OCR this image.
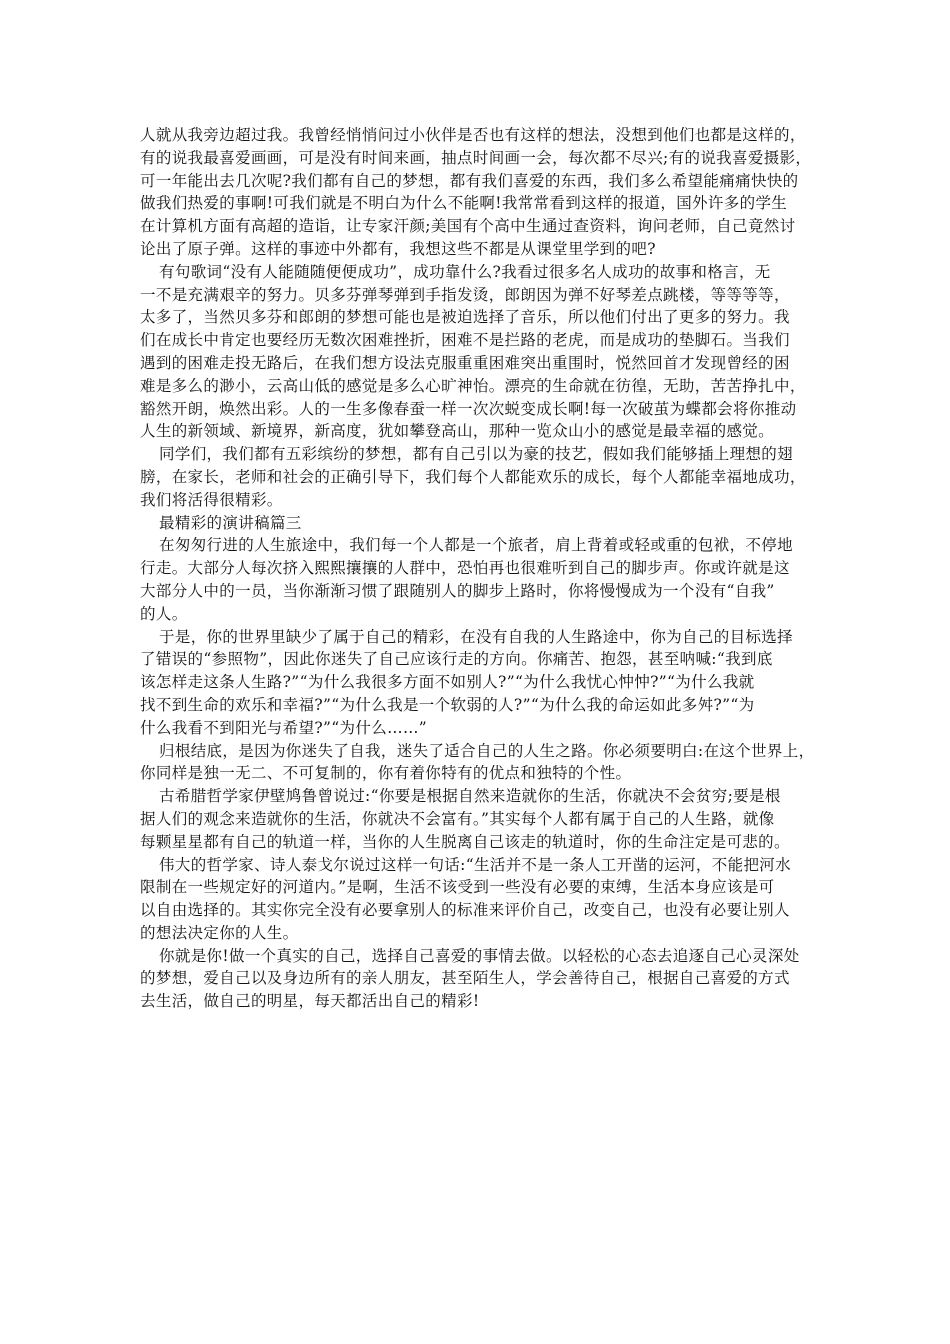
人就从我旁边超过我。我曾经悄悄问过小伙伴是否也有这样的想法，没想到他们也都是这样的，
有的说我最喜爱画画，可是没有时间来画，抽点时间画一会，每次都不尽兴;有的说我喜爱摄影，
可一年能出去几次呢?我们都有自己的梦想，都有我们喜爱的东西，我们多么希望能痛痛快快的
做我们热爱的事啊!可我们就是不明白为什么不能啊!我常常看到这样的报道，国外许多的学生
在计算机方面有高超的造诣，让专家汗颜;美国有个高中生通过查资料，询问老师，自己竟然讨
论出了原子弹。这样的事迹中外都有，我想这些不都是从课堂里学到的吧?
有句歌词“没有人能随随便便成功”，成功靠什么?我看过很多名人成功的故事和格言，无
一不是充满艰辛的努力。贝多芬弹琴弹到手指发烫，郎朗因为弹不好琴差点跳楼，等等等等，
太多了，当然贝多芬和郎朗的梦想可能也是被迫选择了音乐，所以他们付出了更多的努力。我
们在成长中肯定也要经历无数次困难挫折，困难不是拦路的老虎，而是成功的垫脚石。当我们
遇到的困难走投无路后，在我们想方设法克服重重困难突出重围时，悦然回首才发现曾经的困
难是多么的渺小，云高山低的感觉是多么心旷神怡。漂亮的生命就在彷徨，无助，苦苦挣扎中，
豁然开朗，焕然出彩。人的一生多像春蚕一样一次次蜕变成长啊!每一次破茧为蝶都会将你推动
人生的新领域、新境界，新高度，犹如攀登高山，那种一览众山小的感觉是最幸福的感觉。
同学们，我们都有五彩缤纷的梦想，都有自己引以为豪的技艺，假如我们能够插上理想的翅
膀，在家长，老师和社会的正确引导下，我们每个人都能欢乐的成长，每个人都能幸福地成功，
我们将活得很精彩。
最精彩的演讲稿篇三
在匆匆行进的人生旅途中，我们每一个人都是一个旅者，肩上背着或轻或重的包袱，不停地
行走。大部分人每次挤入熙熙攘攘的人群中，恐怕再也很难听到自己的脚步声。你或许就是这
大部分人中的一员，当你渐渐习惯了跟随别人的脚步上路时，你将慢慢成为一个没有“自我”
的人。
于是，你的世界里缺少了属于自己的精彩，在没有自我的人生路途中，你为自己的目标选择
了错误的“参照物”，因此你迷失了自己应该行走的方向。你痛苦、抱怨，甚至呐喊:“我到底
该怎样走这条人生路?”“为什么我很多方面不如别人?”“为什么我忧心忡忡?”“为什么我就
找不到生命的欢乐和幸福?”“为什么我是一个软弱的人?”“为什么我的命运如此多舛?”“为
什么我看不到阳光与希望?”“为什么……”
归根结底，是因为你迷失了自我，迷失了适合自己的人生之路。你必须要明白:在这个世界上，
你同样是独一无二、不可复制的，你有着你特有的优点和独特的个性。
古希腊哲学家伊壁鸠鲁曾说过:“你要是根据自然来造就你的生活，你就决不会贫穷;要是根
据人们的观念来造就你的生活，你就决不会富有。”其实每个人都有属于自己的人生路，就像
每颗星星都有自己的轨道一样，当你的人生脱离自己该走的轨道时，你的生命注定是可悲的。
伟大的哲学家、诗人泰戈尔说过这样一句话:“生活并不是一条人工开凿的运河，不能把河水
限制在一些规定好的河道内。”是啊，生活不该受到一些没有必要的束缚，生活本身应该是可
以自由选择的。其实你完全没有必要拿别人的标准来评价自己，改变自己，也没有必要让别人
的想法决定你的人生。
你就是你!做一个真实的自己，选择自己喜爱的事情去做。以轻松的心态去追逐自己心灵深处
的梦想，爱自己以及身边所有的亲人朋友，甚至陌生人，学会善待自己，根据自己喜爱的方式
去生活，做自己的明星，每天都活出自己的精彩!
